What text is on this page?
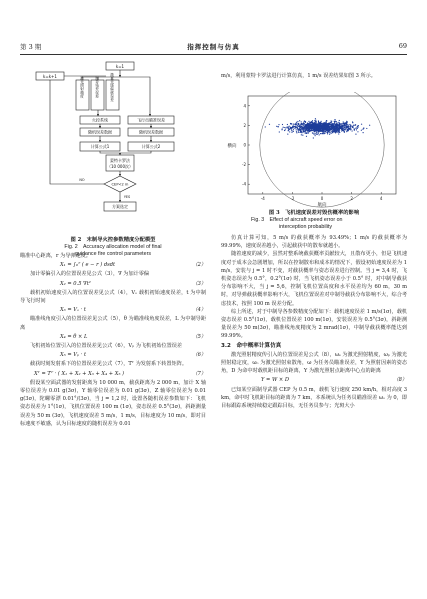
第 3 期	指挥控制与仿真	69
k=1
k=k+1
火控系统	飞行员瞄准误差
随机误差数据	随机误差数据
计算公式1	计算公式2
蒙特卡罗法
（10 000次）
CEP<2 m
NO
YES
方案选定
激光照射精度	制导残差误差	激光光斑偏移误差
图 2　末制导火控参数精度分配模型
Fig. 2　Accuracy allocation model of final
guidance fire control parameters

瞄准中心距离，r 为导弹速度。

X₁ = ∫₀ᵀ ( e − r ) dsdt	（2）

加计零偏引入的位置误差见公式（3），∇ 为加计零偏

X₂ = 0.5 ∇t²	（3）

载机初始速度引入的位置误差见公式（4），Vₒ 载机初始速度误差，t 为中制导飞行时间

X₃ = Vₒ · t	（4）

瞄准线角度引入的位置误差见公式（5），θ 为瞄准线角度误差，L 为中制导距离

X₄ = θ × L	（5）

飞机初始位置引入的位置误差见公式（6），Vₚ 为飞机初始位置误差

X₅ = Vₚ · t	（6）

截获时刻发射系下的位置误差见公式（7），Tᵀ 为发射系下转置矩阵。

Xᵀ = Tᵀ · ( X₁ + X₂ + X₃ + X₄ + X₅ )	（7）

假设某空面武器的发射距离为 10 000 m，截获距离为 2 000 m，加计 X 轴零位误差为 0.01 g(3σ)，Y 轴零位误差为 0.01 g(3σ)，Z 轴零位误差为 0.01 g(3σ)，陀螺零漂 0.01°/(3σ)，当 j = 1,2 时，设置各随机误差参数如下：飞机姿态误差为 1°(1σ)，飞机位置误差 100 m (1σ)，姿态误差 0.5°(3σ)，斜距测量误差为 50 m (3σ)，飞机速度误差 5 m/s，1 m/s，目标速度为 10 m/s，即对目标速度不敏感，认为目标速度的随机误差为 0.01

m/s，利用蒙特卡罗法进行计算仿真，1 m/s 误差结果如图 3 所示。

-4	-2	0	2	4
4
2
0
-2
-4
航向
横向
图 3　飞机速度误差对毁伤概率的影响
Fig. 3　Effect of aircraft speed error on
interception probability

仿真计算可知，5 m/s 的截获概率为 93.49%；1 m/s 的截获概率为 99.99%，速度误差越小，引起截获中的散布就越小。

随着速度的减少，虽然对整系统截获概率贡献较大，且散布更小，但是飞机速度对于成本会急剧增加，所以在控制散布和成本的情况下，假设初始速度误差为 1 m/s，安装与 j = 1 时不变，对截获概率与姿态误差进行控制。当 j = 3,4 时，飞机姿态误差为 0.5°，0.2°(1σ) 时，当飞机姿态误差小于 0.5° 时，对中制导截获分布影响不大，当 j = 5,6，控制飞机位置高度和水平误差均为 60 m，30 m 时，对导弹截获概率影响不大，飞机位置误差对中制导截获分布影响不大，综合考虑技术，按照 100 m 误差分配。

综上所述，对于中制导各参数精度分配如下：载机速度误差 1 m/s(1σ)，载机姿态误差 0.5°(1σ)，载机位置误差 100 m(1σ)，安装误差为 0.5°(3σ)，斜距测量误差为 50 m(3σ)，瞄准线角度精度为 2 mrad(1σ)，中制导截获概率能达到 99.99%。

3.2　命中概率计算仿真

激光照射精度传引入的位置误差见公式（8），ωₛ 为激光照射精度，ωₚ 为激光照射稳定度，ωₒ 为激光照射束散角，ω 为任务员瞄准误差，Y 为照射因素的姿态角，D 为命中时载机距目标的距离，Y 为激光照射点距离中心点的距离

Y = W × D	（8）

已知某空面制导武器 CEP 为 0.5 m，载机飞行速度 250 km/h，相对高度 3 km，命中时飞机距目标的距离为 7 km，本系统认为任务员瞄准误差 ωₒ 为 0，即目标跟踪系统持续稳定跟踪目标，无任务员参与；光斑大小
